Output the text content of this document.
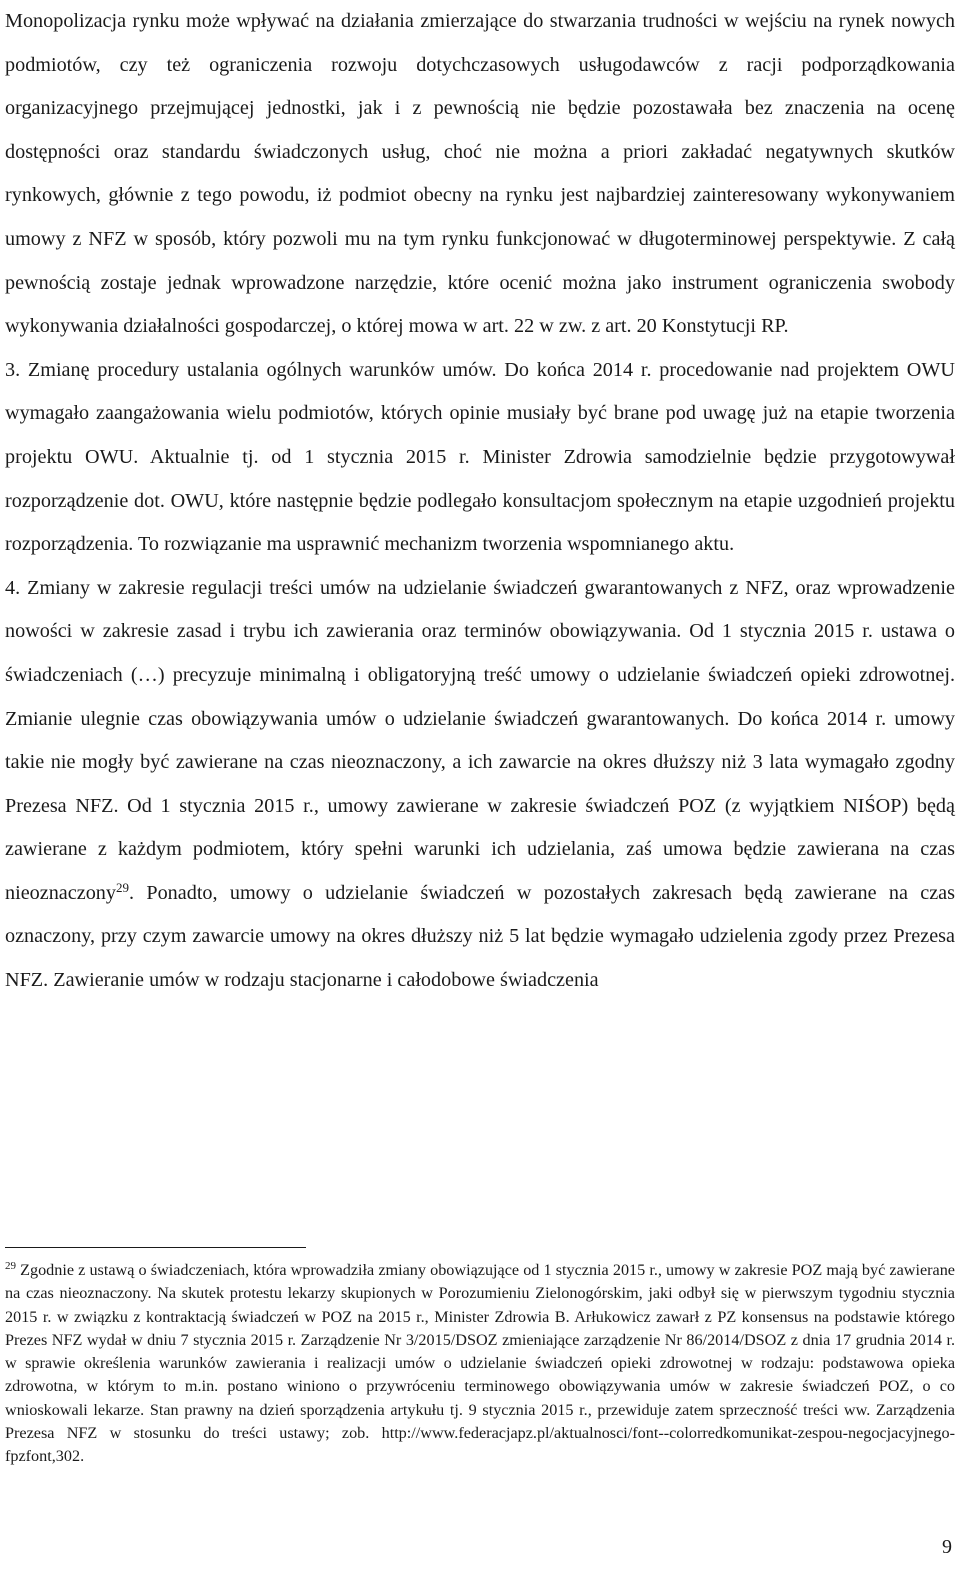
Monopolizacja rynku może wpływać na działania zmierzające do stwarzania trudności w wejściu na rynek nowych podmiotów, czy też ograniczenia rozwoju dotychczasowych usługodawców z racji podporządkowania organizacyjnego przejmującej jednostki, jak i z pewnością nie będzie pozostawała bez znaczenia na ocenę dostępności oraz standardu świadczonych usług, choć nie można a priori zakładać negatywnych skutków rynkowych, głównie z tego powodu, iż podmiot obecny na rynku jest najbardziej zainteresowany wykonywaniem umowy z NFZ w sposób, który pozwoli mu na tym rynku funkcjonować w długoterminowej perspektywie. Z całą pewnością zostaje jednak wprowadzone narzędzie, które ocenić można jako instrument ograniczenia swobody wykonywania działalności gospodarczej, o której mowa w art. 22 w zw. z art. 20 Konstytucji RP.

3. Zmianę procedury ustalania ogólnych warunków umów. Do końca 2014 r. procedowanie nad projektem OWU wymagało zaangażowania wielu podmiotów, których opinie musiały być brane pod uwagę już na etapie tworzenia projektu OWU. Aktualnie tj. od 1 stycznia 2015 r. Minister Zdrowia samodzielnie będzie przygotowywał rozporządzenie dot. OWU, które następnie będzie podlegało konsultacjom społecznym na etapie uzgodnień projektu rozporządzenia. To rozwiązanie ma usprawnić mechanizm tworzenia wspomnianego aktu.

4. Zmiany w zakresie regulacji treści umów na udzielanie świadczeń gwarantowanych z NFZ, oraz wprowadzenie nowości w zakresie zasad i trybu ich zawierania oraz terminów obowiązywania. Od 1 stycznia 2015 r. ustawa o świadczeniach (…) precyzuje minimalną i obligatoryjną treść umowy o udzielanie świadczeń opieki zdrowotnej. Zmianie ulegnie czas obowiązywania umów o udzielanie świadczeń gwarantowanych. Do końca 2014 r. umowy takie nie mogły być zawierane na czas nieoznaczony, a ich zawarcie na okres dłuższy niż 3 lata wymagało zgodny Prezesa NFZ. Od 1 stycznia 2015 r., umowy zawierane w zakresie świadczeń POZ (z wyjątkiem NIŚOP) będą zawierane z każdym podmiotem, który spełni warunki ich udzielania, zaś umowa będzie zawierana na czas nieoznaczony$^{29}$. Ponadto, umowy o udzielanie świadczeń w pozostałych zakresach będą zawierane na czas oznaczony, przy czym zawarcie umowy na okres dłuższy niż 5 lat będzie wymagało udzielenia zgody przez Prezesa NFZ. Zawieranie umów w rodzaju stacjonarne i całodobowe świadczenia

$^{29}$ Zgodnie z ustawą o świadczeniach, która wprowadziła zmiany obowiązujące od 1 stycznia 2015 r., umowy w zakresie POZ mają być zawierane na czas nieoznaczony. Na skutek protestu lekarzy skupionych w Porozumieniu Zielonogórskim, jaki odbył się w pierwszym tygodniu stycznia 2015 r. w związku z kontraktacją świadczeń w POZ na 2015 r., Minister Zdrowia B. Arłukowicz zawarł z PZ konsensus na podstawie którego Prezes NFZ wydał w dniu 7 stycznia 2015 r. Zarządzenie Nr 3/2015/DSOZ zmieniające zarządzenie Nr 86/2014/DSOZ z dnia 17 grudnia 2014 r. w sprawie określenia warunków zawierania i realizacji umów o udzielanie świadczeń opieki zdrowotnej w rodzaju: podstawowa opieka zdrowotna, w którym to m.in. postano winiono o przywróceniu terminowego obowiązywania umów w zakresie świadczeń POZ, o co wnioskowali lekarze. Stan prawny na dzień sporządzenia artykułu tj. 9 stycznia 2015 r., przewiduje zatem sprzeczność treści ww. Zarządzenia Prezesa NFZ w stosunku do treści ustawy; zob. http://www.federacjapz.pl/aktualnosci/font--colorredkomunikat-zespou-negocjacyjnego-fpzfont,302.

9
